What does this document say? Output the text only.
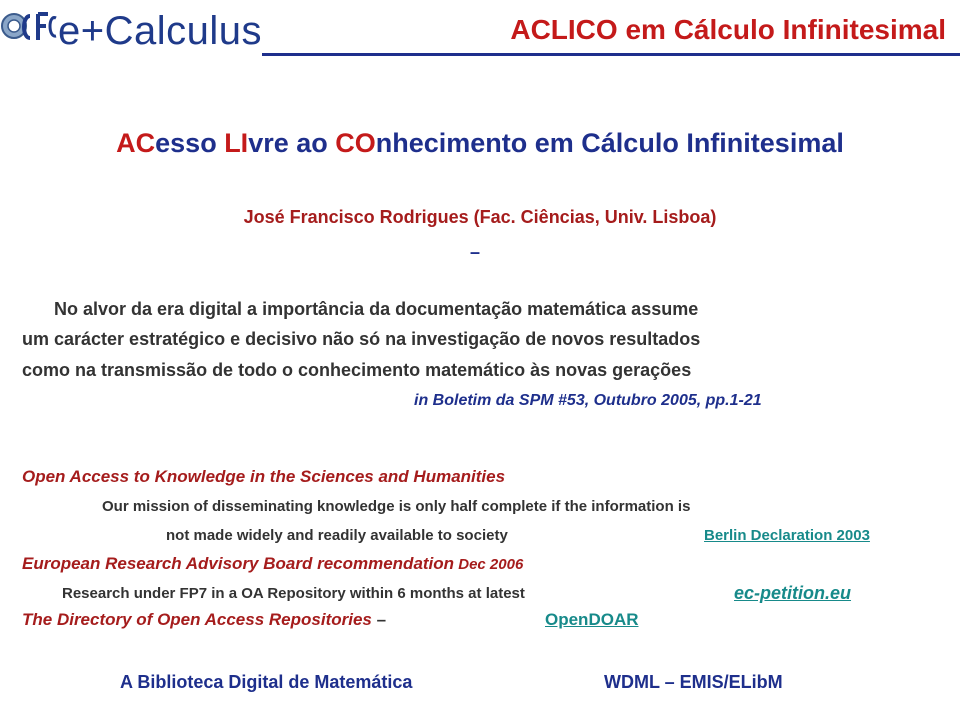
e+Calculus	ACLICO em Cálculo Infinitesimal
ACesso LIvre ao COnhecimento em Cálculo Infinitesimal
José Francisco Rodrigues (Fac. Ciências, Univ. Lisboa)
–
No alvor da era digital a importância da documentação matemática assume
um carácter estratégico e decisivo não só na investigação de novos resultados
como na transmissão de todo o conhecimento matemático às novas gerações
in Boletim da SPM #53, Outubro 2005, pp.1-21
Open Access to Knowledge in the Sciences and Humanities
Our mission of disseminating knowledge is only half complete if the information is
not made widely and readily available to society	Berlin Declaration 2003
European Research Advisory Board recommendation Dec 2006
Research under FP7 in a OA Repository within 6 months at latest	ec-petition.eu
The Directory of Open Access Repositories –	OpenDOAR
A Biblioteca Digital de Matemática	WDML – EMIS/ELibM
